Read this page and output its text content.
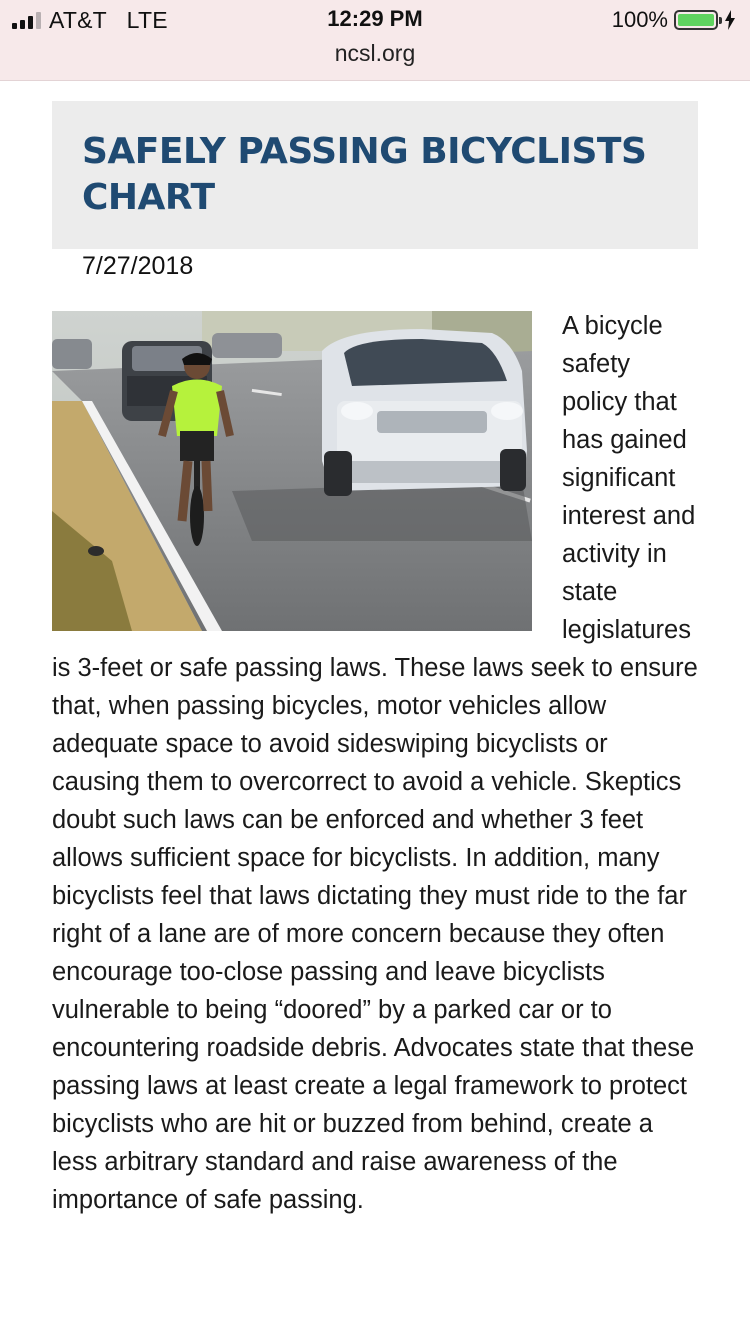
AT&T LTE	12:29 PM	100%
ncsl.org
SAFELY PASSING BICYCLISTS CHART
7/27/2018

A bicycle safety policy that has gained significant interest and activity in state legislatures is 3-feet or safe passing laws. These laws seek to ensure that, when passing bicycles, motor vehicles allow adequate space to avoid sideswiping bicyclists or causing them to overcorrect to avoid a vehicle. Skeptics doubt such laws can be enforced and whether 3 feet allows sufficient space for bicyclists. In addition, many bicyclists feel that laws dictating they must ride to the far right of a lane are of more concern because they often encourage too-close passing and leave bicyclists vulnerable to being “doored” by a parked car or to encountering roadside debris. Advocates state that these passing laws at least create a legal framework to protect bicyclists who are hit or buzzed from behind, create a less arbitrary standard and raise awareness of the importance of safe passing.
